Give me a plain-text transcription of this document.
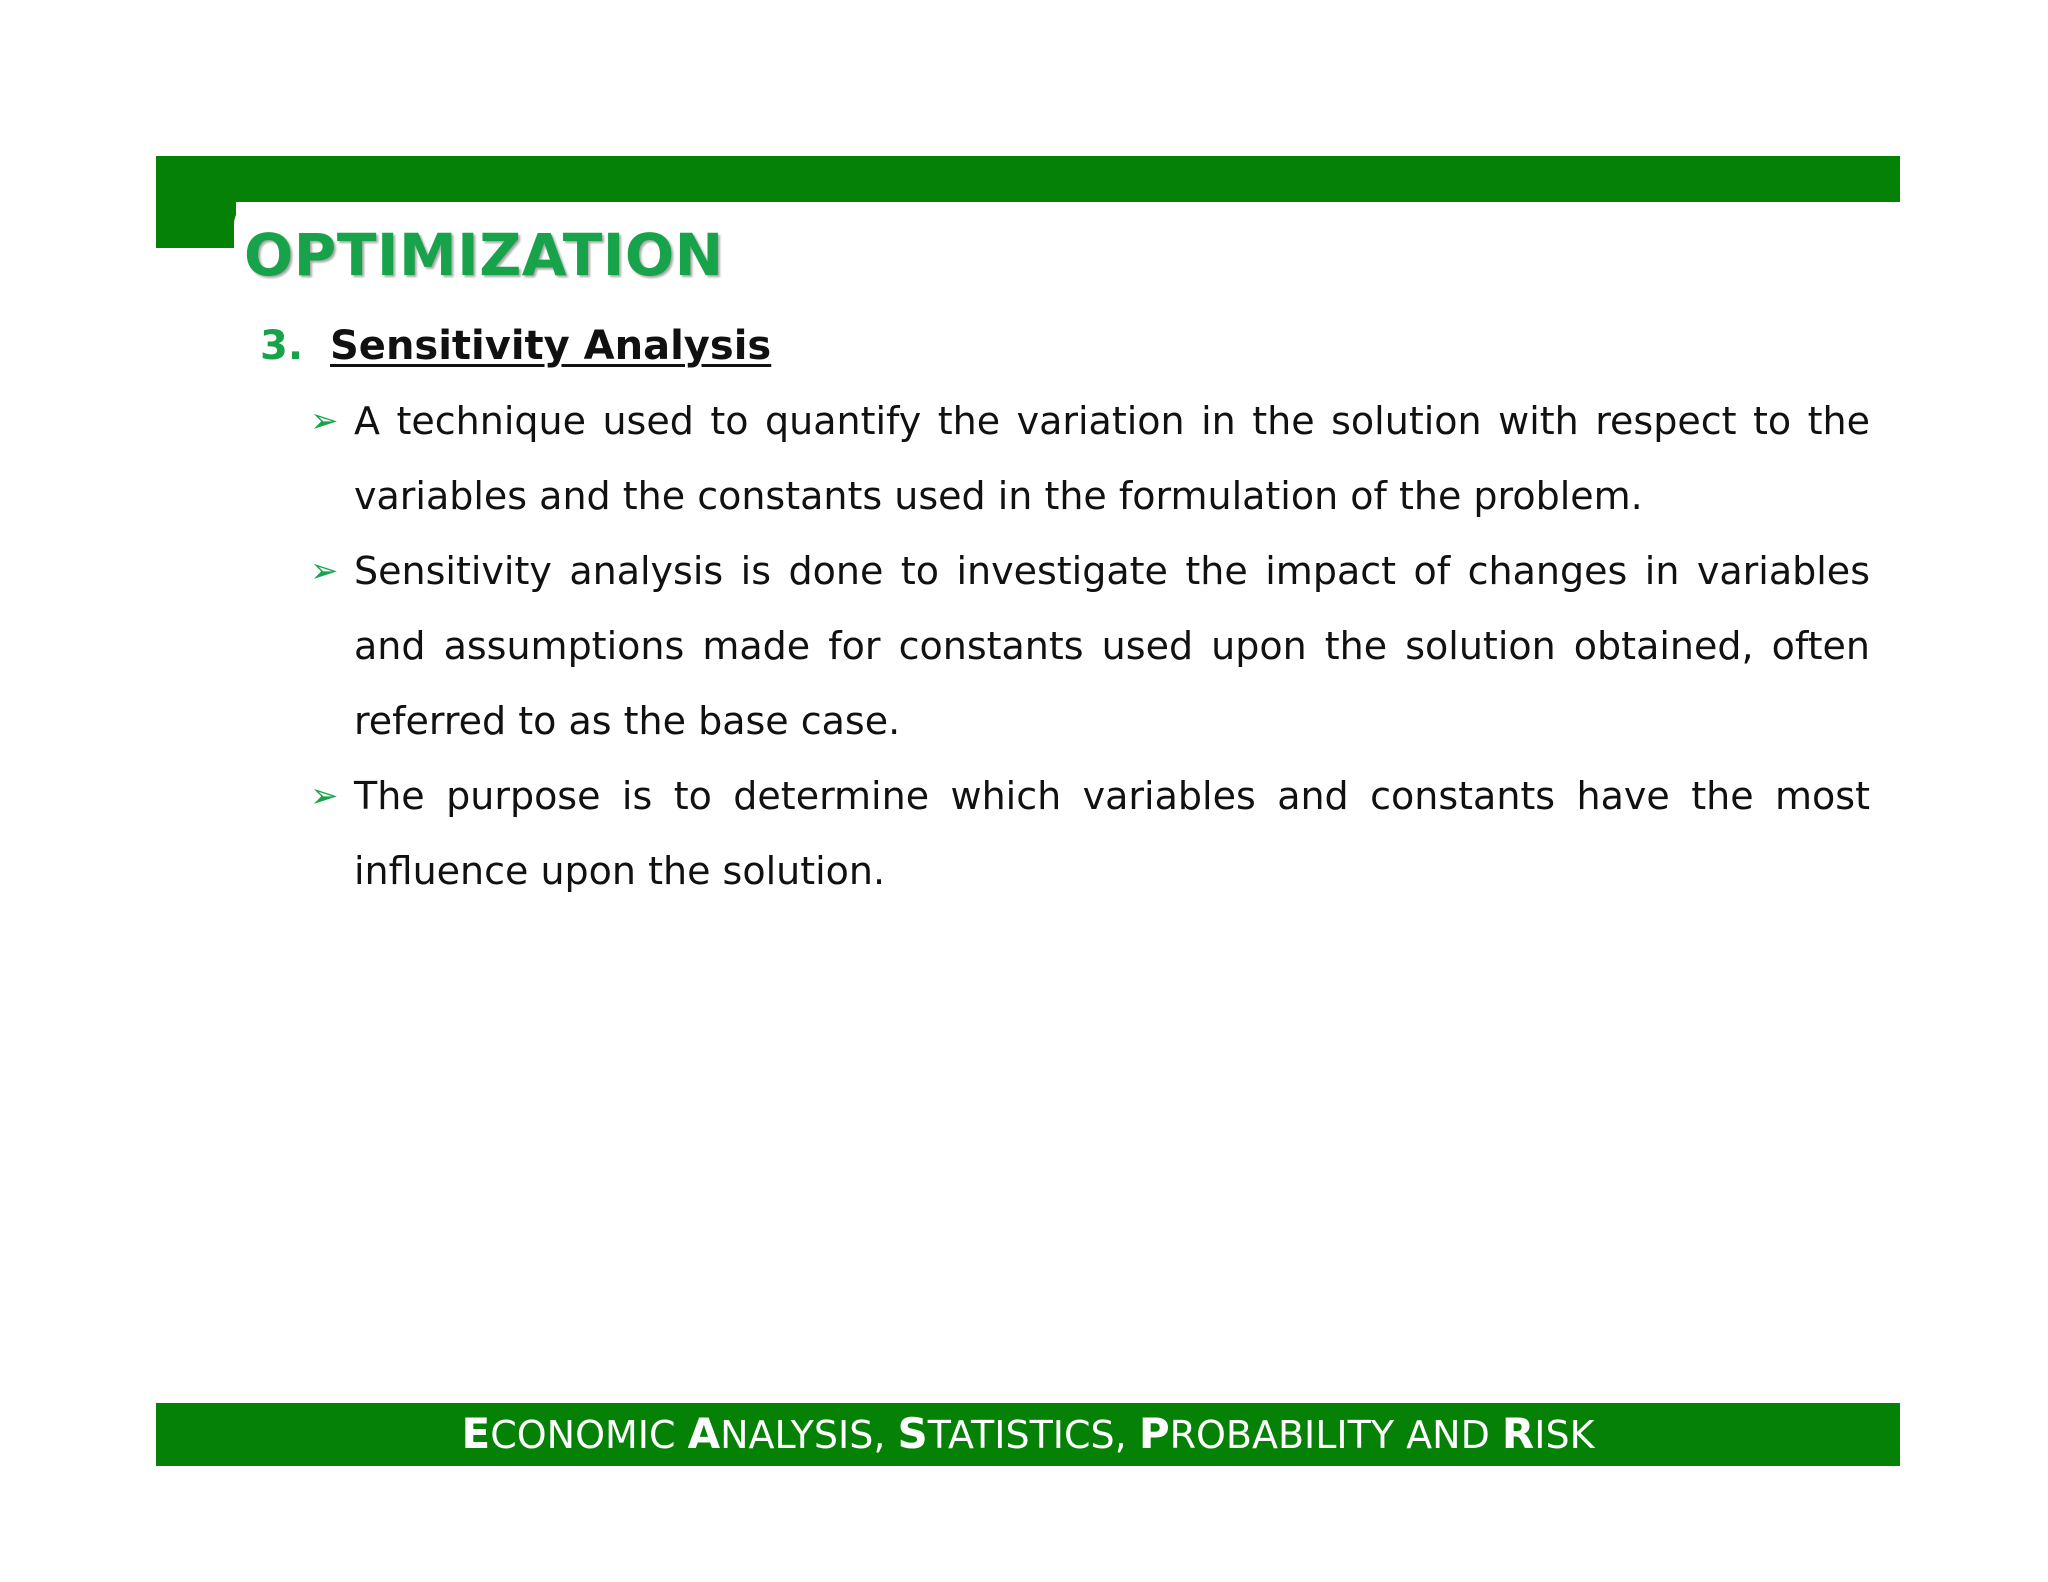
OPTIMIZATION
3. Sensitivity Analysis
➢ A technique used to quantify the variation in the solution with respect to the variables and the constants used in the formulation of the problem.

➢ Sensitivity analysis is done to investigate the impact of changes in variables and assumptions made for constants used upon the solution obtained, often referred to as the base case.

➢ The purpose is to determine which variables and constants have the most influence upon the solution.

ECONOMIC ANALYSIS, STATISTICS, PROBABILITY AND RISK
